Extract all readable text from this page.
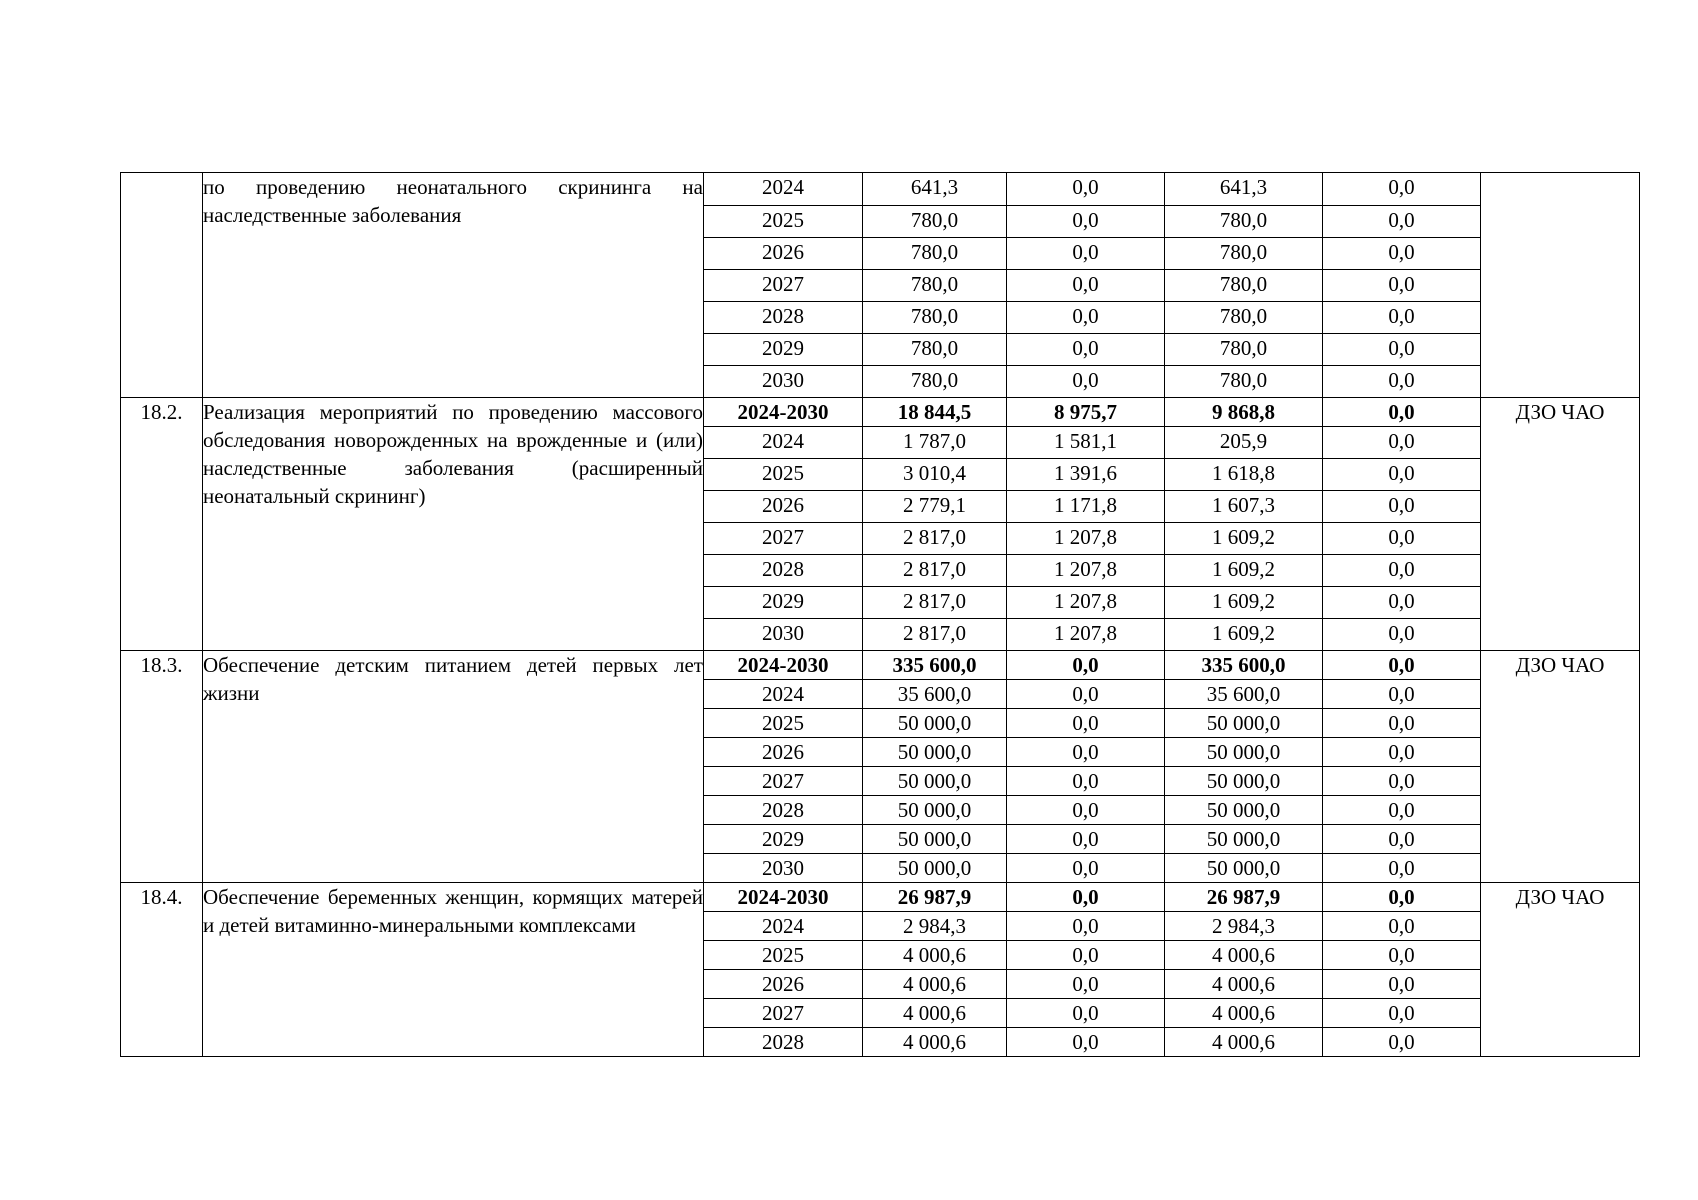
	по проведению неонатального скрининга на наследственные заболевания	2024	641,3	0,0	641,3	0,0	
		2025	780,0	0,0	780,0	0,0	
		2026	780,0	0,0	780,0	0,0	
		2027	780,0	0,0	780,0	0,0	
		2028	780,0	0,0	780,0	0,0	
		2029	780,0	0,0	780,0	0,0	
		2030	780,0	0,0	780,0	0,0	
18.2.	Реализация мероприятий по проведению массового обследования новорожденных на врожденные и (или) наследственные заболевания (расширенный неонатальный скрининг)	2024-2030	18 844,5	8 975,7	9 868,8	0,0	ДЗО ЧАО
		2024	1 787,0	1 581,1	205,9	0,0	
		2025	3 010,4	1 391,6	1 618,8	0,0	
		2026	2 779,1	1 171,8	1 607,3	0,0	
		2027	2 817,0	1 207,8	1 609,2	0,0	
		2028	2 817,0	1 207,8	1 609,2	0,0	
		2029	2 817,0	1 207,8	1 609,2	0,0	
		2030	2 817,0	1 207,8	1 609,2	0,0	
18.3.	Обеспечение детским питанием детей первых лет жизни	2024-2030	335 600,0	0,0	335 600,0	0,0	ДЗО ЧАО
		2024	35 600,0	0,0	35 600,0	0,0	
		2025	50 000,0	0,0	50 000,0	0,0	
		2026	50 000,0	0,0	50 000,0	0,0	
		2027	50 000,0	0,0	50 000,0	0,0	
		2028	50 000,0	0,0	50 000,0	0,0	
		2029	50 000,0	0,0	50 000,0	0,0	
		2030	50 000,0	0,0	50 000,0	0,0	
18.4.	Обеспечение беременных женщин, кормящих матерей и детей витаминно-минеральными комплексами	2024-2030	26 987,9	0,0	26 987,9	0,0	ДЗО ЧАО
		2024	2 984,3	0,0	2 984,3	0,0	
		2025	4 000,6	0,0	4 000,6	0,0	
		2026	4 000,6	0,0	4 000,6	0,0	
		2027	4 000,6	0,0	4 000,6	0,0	
		2028	4 000,6	0,0	4 000,6	0,0	
